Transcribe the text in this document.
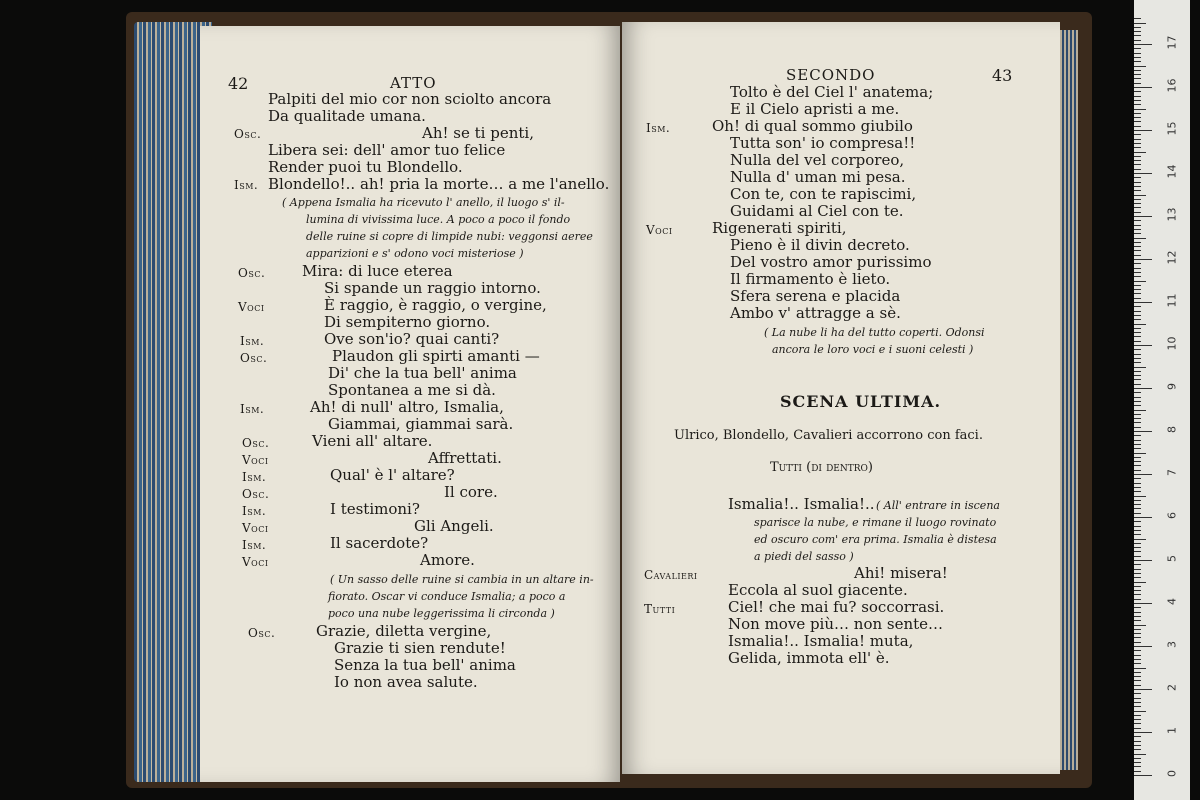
42	ATTO
Palpiti del mio cor non sciolto ancora
Da qualitade umana.
Osc.	Ah! se ti penti,
Libera sei: dell' amor tuo felice
Render puoi tu Blondello.
Ism. Blondello!.. ah! pria la morte… a me l'anello.
( Appena Ismalia ha ricevuto l' anello, il luogo s' il-
lumina di vivissima luce. A poco a poco il fondo
delle ruine si copre di limpide nubi: veggonsi aeree
apparizioni e s' odono voci misteriose )
Osc. Mira: di luce eterea
Si spande un raggio intorno.
Voci	È raggio, è raggio, o vergine,
Di sempiterno giorno.
Ism.	Ove son'io? quai canti?
Osc.	Plaudon gli spirti amanti —
Di' che la tua bell' anima
Spontanea a me si dà.
Ism.	Ah! di null' altro, Ismalia,
Giammai, giammai sarà.
Osc.	Vieni all' altare.
Voci	Affrettati.
Ism.	Qual' è l' altare?
Osc.	Il core.
Ism.	I testimoni?
Voci	Gli Angeli.
Ism.	Il sacerdote?
Voci	Amore.
( Un sasso delle ruine si cambia in un altare in-
fiorato. Oscar vi conduce Ismalia; a poco a
poco una nube leggerissima li circonda )
Osc.	Grazie, diletta vergine,
Grazie ti sien rendute!
Senza la tua bell' anima
Io non avea salute.
SECONDO	43
Tolto è del Ciel l' anatema;
E il Cielo apristi a me.
Ism.	Oh! di qual sommo giubilo
Tutta son' io compresa!!
Nulla del vel corporeo,
Nulla d' uman mi pesa.
Con te, con te rapiscimi,
Guidami al Ciel con te.
Voci	Rigenerati spiriti,
Pieno è il divin decreto.
Del vostro amor purissimo
Il firmamento è lieto.
Sfera serena e placida
Ambo v' attragge a sè.
( La nube li ha del tutto coperti. Odonsi
ancora le loro voci e i suoni celesti )
SCENA ULTIMA.
Ulrico, Blondello, Cavalieri accorrono con faci.
Tutti (di dentro)
Ismalia!.. Ismalia!.. ( All' entrare in iscena
sparisce la nube, e rimane il luogo rovinato
ed oscuro com' era prima. Ismalia è distesa
a piedi del sasso )
Cavalieri	Ahi! misera!
Eccola al suol giacente.
Tutti	Ciel! che mai fu? soccorrasi.
Non move più… non sente…
Ismalia!.. Ismalia! muta,
Gelida, immota ell' è.
0
1
2
3
4
5
6
7
8
9
10
11
12
13
14
15
16
17
